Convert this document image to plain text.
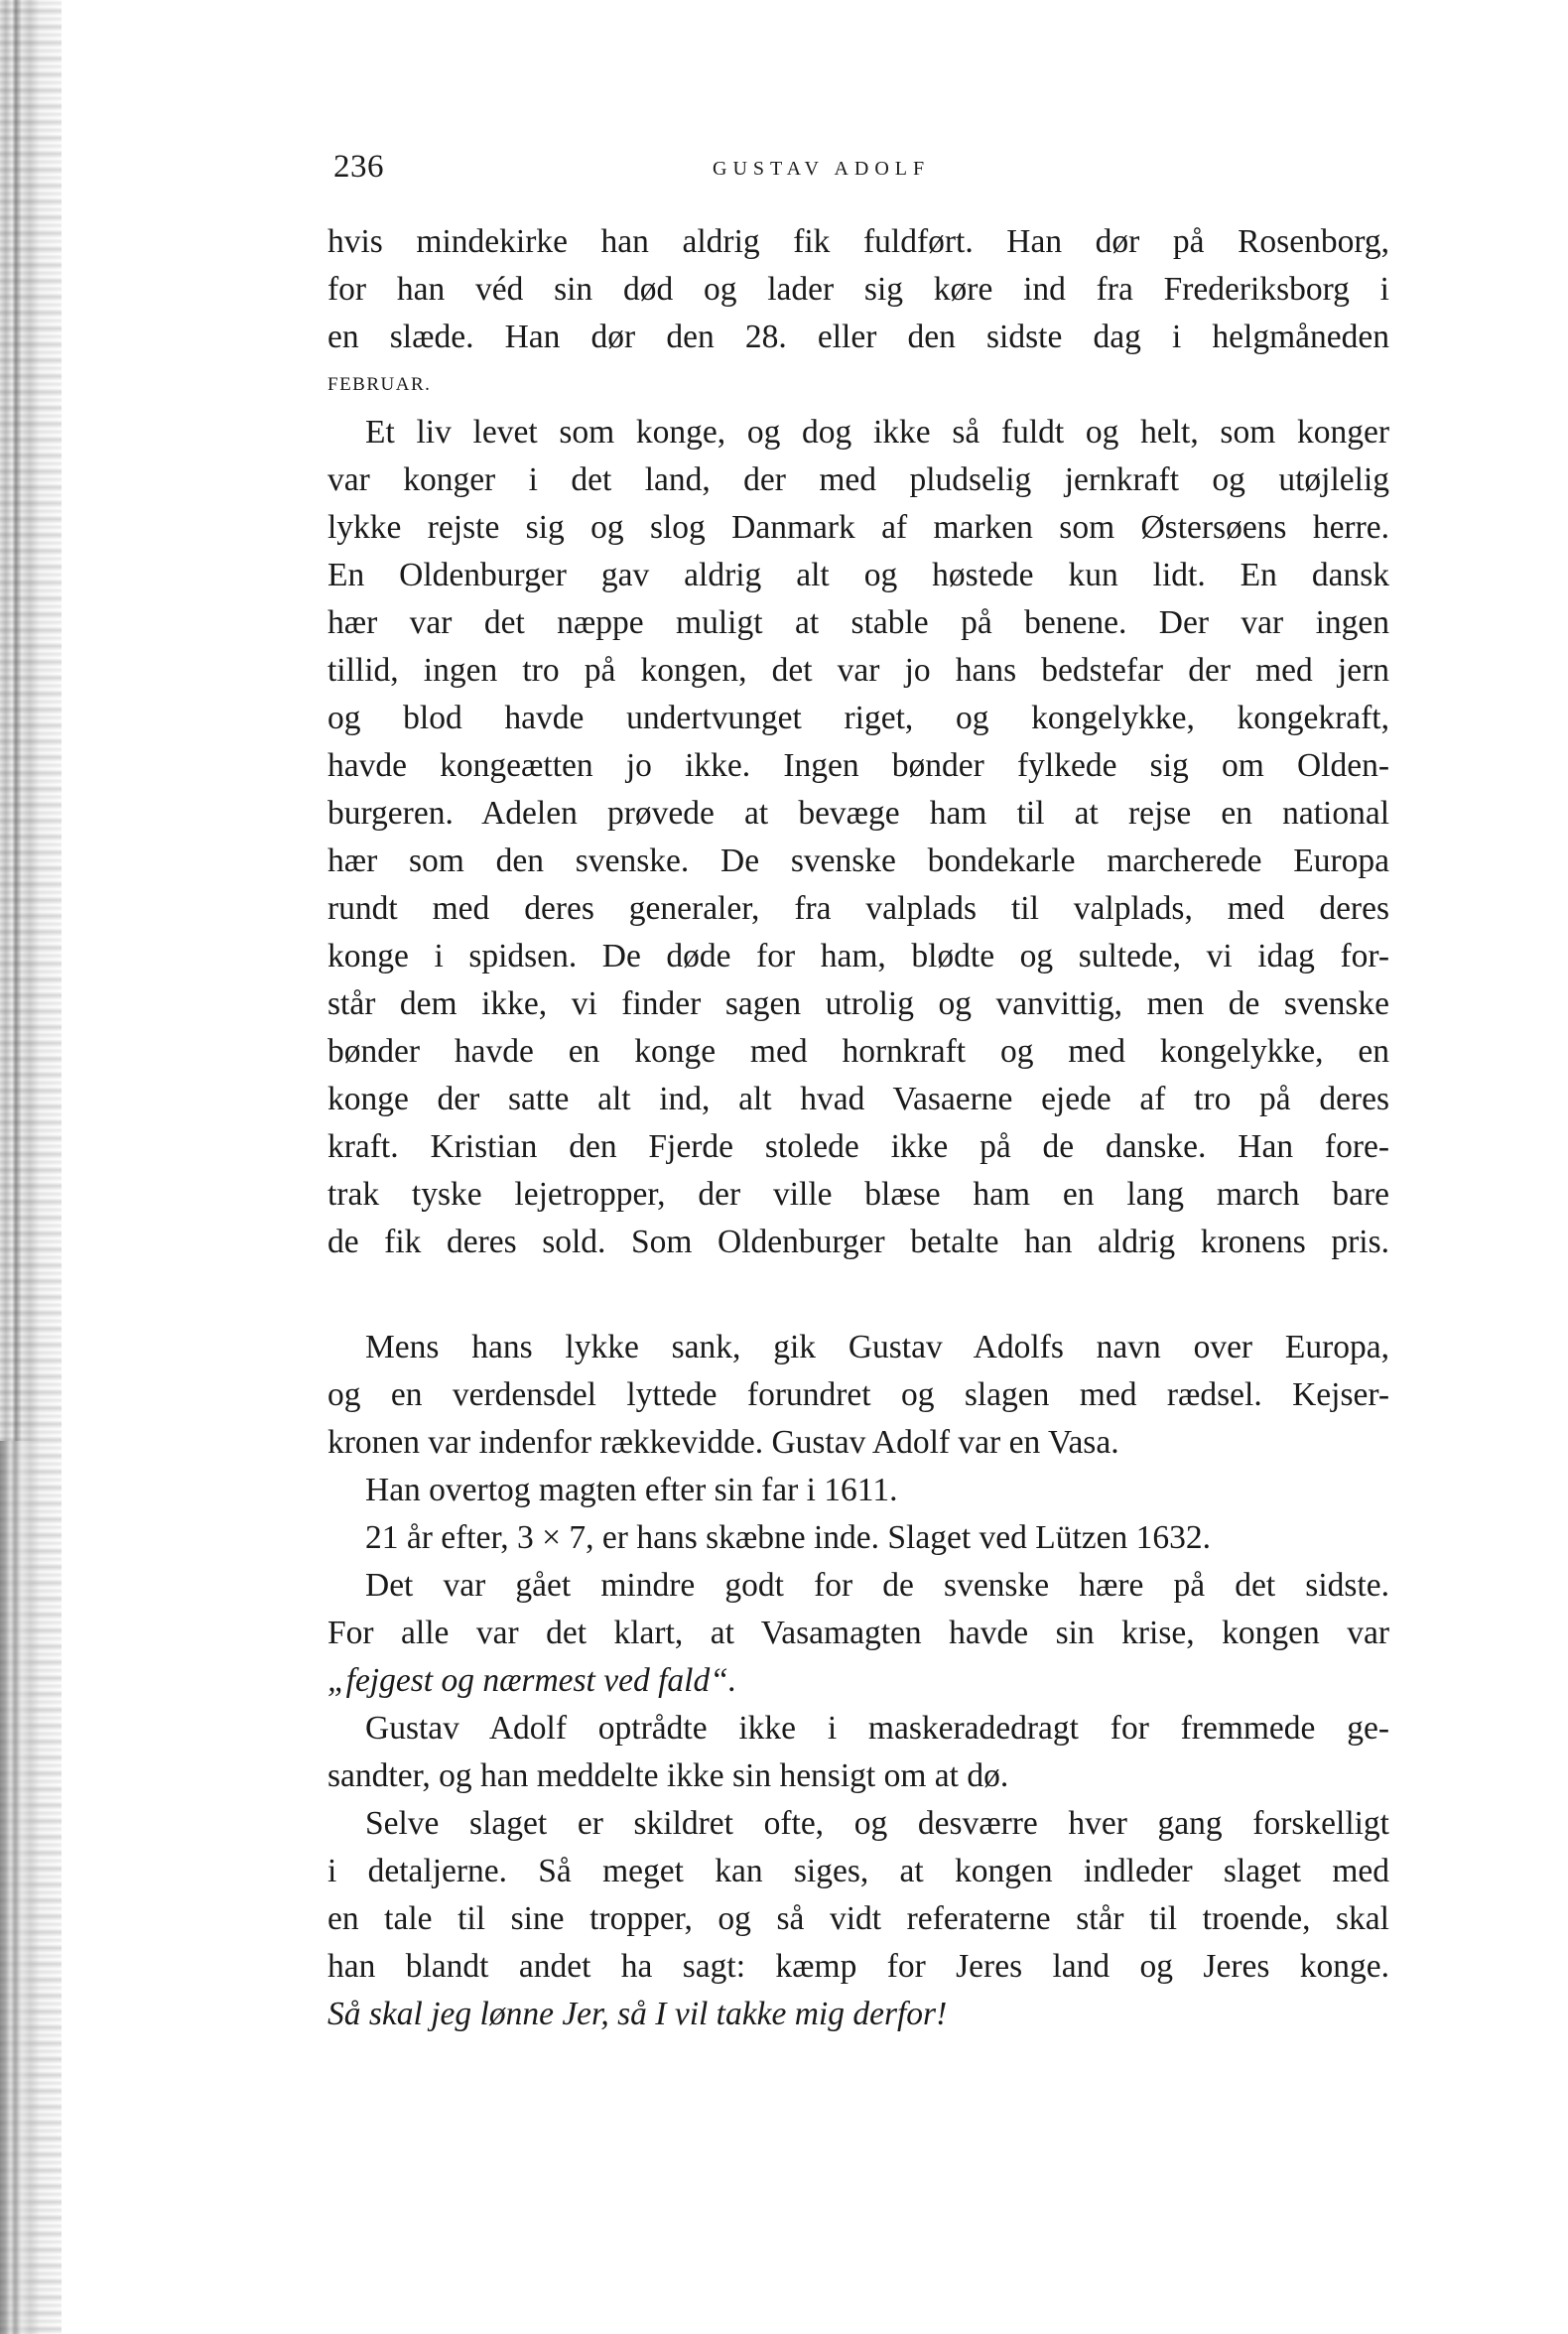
236	GUSTAV ADOLF
hvis mindekirke han aldrig fik fuldført. Han dør på Rosenborg,
for han véd sin død og lader sig køre ind fra Frederiksborg i
en slæde. Han dør den 28. eller den sidste dag i helgmåneden
FEBRUAR.
Et liv levet som konge, og dog ikke så fuldt og helt, som konger
var konger i det land, der med pludselig jernkraft og utøjlelig
lykke rejste sig og slog Danmark af marken som Østersøens herre.
En Oldenburger gav aldrig alt og høstede kun lidt. En dansk
hær var det næppe muligt at stable på benene. Der var ingen
tillid, ingen tro på kongen, det var jo hans bedstefar der med jern
og blod havde undertvunget riget, og kongelykke, kongekraft,
havde kongeætten jo ikke. Ingen bønder fylkede sig om Olden-
burgeren. Adelen prøvede at bevæge ham til at rejse en national
hær som den svenske. De svenske bondekarle marcherede Europa
rundt med deres generaler, fra valplads til valplads, med deres
konge i spidsen. De døde for ham, blødte og sultede, vi idag for-
står dem ikke, vi finder sagen utrolig og vanvittig, men de svenske
bønder havde en konge med hornkraft og med kongelykke, en
konge der satte alt ind, alt hvad Vasaerne ejede af tro på deres
kraft. Kristian den Fjerde stolede ikke på de danske. Han fore-
trak tyske lejetropper, der ville blæse ham en lang march bare
de fik deres sold. Som Oldenburger betalte han aldrig kronens pris.
Mens hans lykke sank, gik Gustav Adolfs navn over Europa,
og en verdensdel lyttede forundret og slagen med rædsel. Kejser-
kronen var indenfor rækkevidde. Gustav Adolf var en Vasa.
Han overtog magten efter sin far i 1611.
21 år efter, 3 × 7, er hans skæbne inde. Slaget ved Lützen 1632.
Det var gået mindre godt for de svenske hære på det sidste.
For alle var det klart, at Vasamagten havde sin krise, kongen var
„fejgest og nærmest ved fald“.
Gustav Adolf optrådte ikke i maskeradedragt for fremmede ge-
sandter, og han meddelte ikke sin hensigt om at dø.
Selve slaget er skildret ofte, og desværre hver gang forskelligt
i detaljerne. Så meget kan siges, at kongen indleder slaget med
en tale til sine tropper, og så vidt referaterne står til troende, skal
han blandt andet ha sagt: kæmp for Jeres land og Jeres konge.
Så skal jeg lønne Jer, så I vil takke mig derfor!
